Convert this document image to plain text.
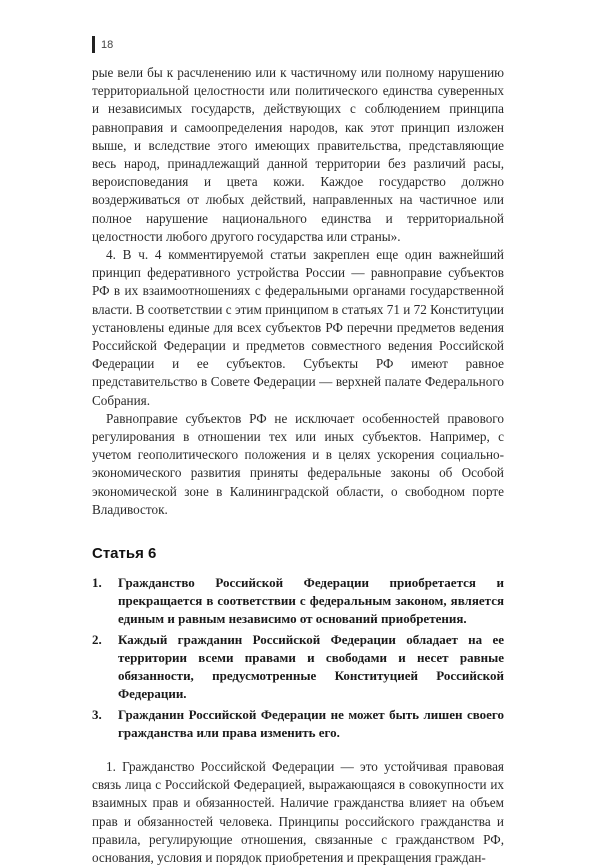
18

рые вели бы к расчленению или к частичному или полному нарушению территориальной целостности или политического единства суверенных и независимых государств, действующих с соблюдением принципа равноправия и самоопределения народов, как этот принцип изложен выше, и вследствие этого имеющих правительства, представляющие весь народ, принадлежащий данной территории без различий расы, вероисповедания и цвета кожи. Каждое государство должно воздерживаться от любых действий, направленных на частичное или полное нарушение национального единства и территориальной целостности любого другого государства или страны».

4. В ч. 4 комментируемой статьи закреплен еще один важнейший принцип федеративного устройства России — равноправие субъектов РФ в их взаимоотношениях с федеральными органами государственной власти. В соответствии с этим принципом в статьях 71 и 72 Конституции установлены единые для всех субъектов РФ перечни предметов ведения Российской Федерации и предметов совместного ведения Российской Федерации и ее субъектов. Субъекты РФ имеют равное представительство в Совете Федерации — верхней палате Федерального Собрания.

Равноправие субъектов РФ не исключает особенностей правового регулирования в отношении тех или иных субъектов. Например, с учетом геополитического положения и в целях ускорения социально-экономического развития приняты федеральные законы об Особой экономической зоне в Калининградской области, о свободном порте Владивосток.

Статья 6
1.	Гражданство Российской Федерации приобретается и прекращается в соответствии с федеральным законом, является единым и равным независимо от оснований приобретения.
2.	Каждый гражданин Российской Федерации обладает на ее территории всеми правами и свободами и несет равные обязанности, предусмотренные Конституцией Российской Федерации.
3.	Гражданин Российской Федерации не может быть лишен своего гражданства или права изменить его.

1. Гражданство Российской Федерации — это устойчивая правовая связь лица с Российской Федерацией, выражающаяся в совокупности их взаимных прав и обязанностей. Наличие гражданства влияет на объем прав и обязанностей человека. Принципы российского гражданства и правила, регулирующие отношения, связанные с гражданством РФ, основания, условия и порядок приобретения и прекращения граждан-
